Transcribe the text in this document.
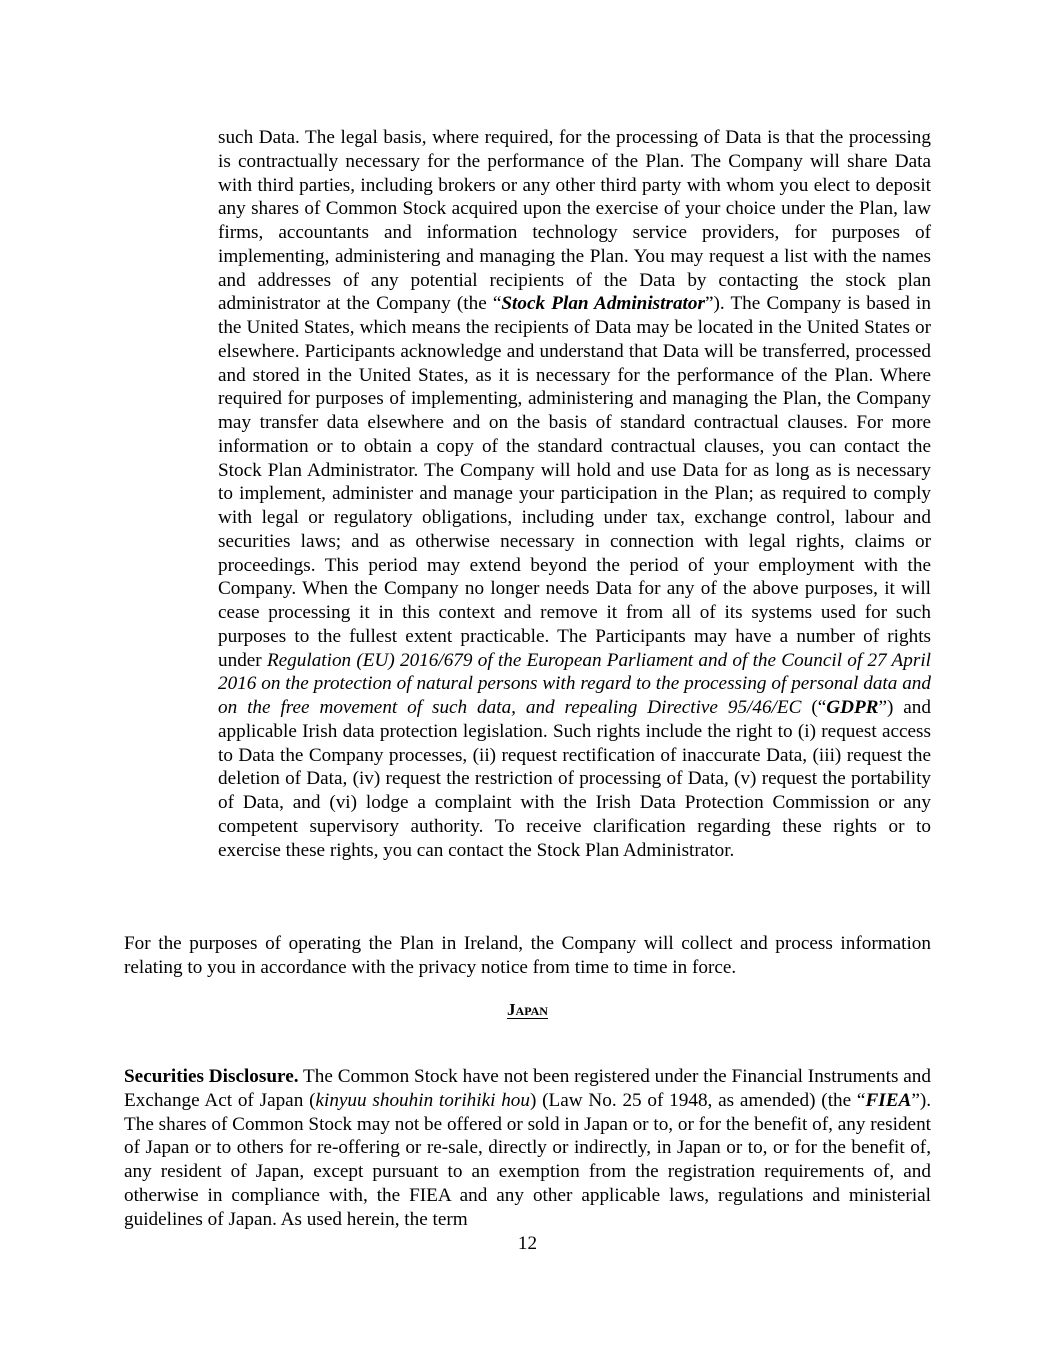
such Data. The legal basis, where required, for the processing of Data is that the processing is contractually necessary for the performance of the Plan. The Company will share Data with third parties, including brokers or any other third party with whom you elect to deposit any shares of Common Stock acquired upon the exercise of your choice under the Plan, law firms, accountants and information technology service providers, for purposes of implementing, administering and managing the Plan. You may request a list with the names and addresses of any potential recipients of the Data by contacting the stock plan administrator at the Company (the “Stock Plan Administrator”). The Company is based in the United States, which means the recipients of Data may be located in the United States or elsewhere. Participants acknowledge and understand that Data will be transferred, processed and stored in the United States, as it is necessary for the performance of the Plan. Where required for purposes of implementing, administering and managing the Plan, the Company may transfer data elsewhere and on the basis of standard contractual clauses. For more information or to obtain a copy of the standard contractual clauses, you can contact the Stock Plan Administrator. The Company will hold and use Data for as long as is necessary to implement, administer and manage your participation in the Plan; as required to comply with legal or regulatory obligations, including under tax, exchange control, labour and securities laws; and as otherwise necessary in connection with legal rights, claims or proceedings. This period may extend beyond the period of your employment with the Company. When the Company no longer needs Data for any of the above purposes, it will cease processing it in this context and remove it from all of its systems used for such purposes to the fullest extent practicable. The Participants may have a number of rights under Regulation (EU) 2016/679 of the European Parliament and of the Council of 27 April 2016 on the protection of natural persons with regard to the processing of personal data and on the free movement of such data, and repealing Directive 95/46/EC (“GDPR”) and applicable Irish data protection legislation. Such rights include the right to (i) request access to Data the Company processes, (ii) request rectification of inaccurate Data, (iii) request the deletion of Data, (iv) request the restriction of processing of Data, (v) request the portability of Data, and (vi) lodge a complaint with the Irish Data Protection Commission or any competent supervisory authority. To receive clarification regarding these rights or to exercise these rights, you can contact the Stock Plan Administrator.

For the purposes of operating the Plan in Ireland, the Company will collect and process information relating to you in accordance with the privacy notice from time to time in force.

Japan

Securities Disclosure. The Common Stock have not been registered under the Financial Instruments and Exchange Act of Japan (kinyuu shouhin torihiki hou) (Law No. 25 of 1948, as amended) (the “FIEA”). The shares of Common Stock may not be offered or sold in Japan or to, or for the benefit of, any resident of Japan or to others for re-offering or re-sale, directly or indirectly, in Japan or to, or for the benefit of, any resident of Japan, except pursuant to an exemption from the registration requirements of, and otherwise in compliance with, the FIEA and any other applicable laws, regulations and ministerial guidelines of Japan. As used herein, the term

12
